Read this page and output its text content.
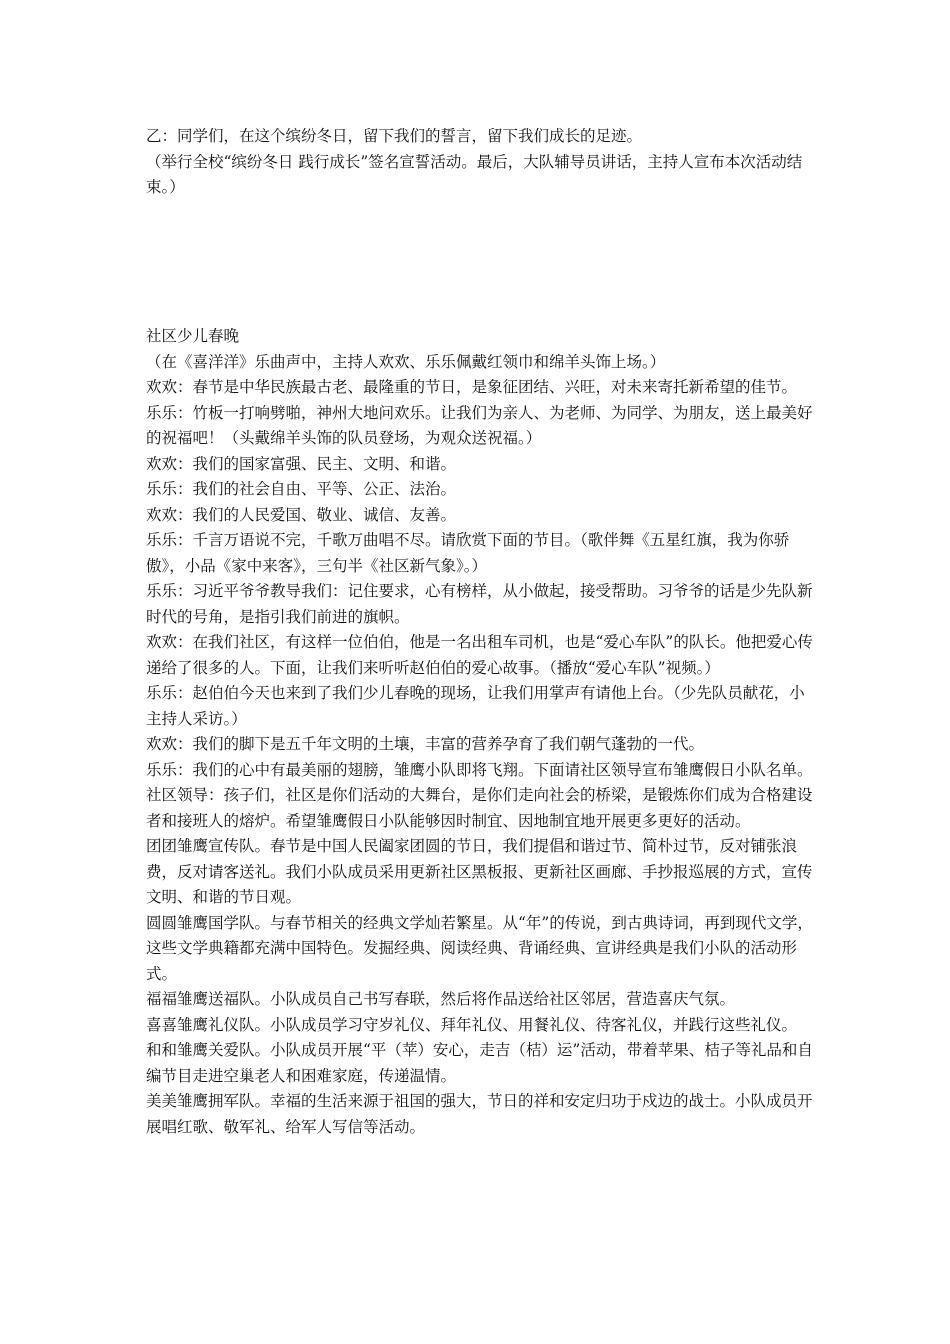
乙：同学们，在这个缤纷冬日，留下我们的誓言，留下我们成长的足迹。

（举行全校“缤纷冬日 践行成长”签名宣誓活动。最后，大队辅导员讲话，主持人宣布本次活动结束。）

社区少儿春晚

（在《喜洋洋》乐曲声中，主持人欢欢、乐乐佩戴红领巾和绵羊头饰上场。）

欢欢：春节是中华民族最古老、最隆重的节日，是象征团结、兴旺，对未来寄托新希望的佳节。

乐乐：竹板一打响劈啪，神州大地问欢乐。让我们为亲人、为老师、为同学、为朋友，送上最美好的祝福吧！（头戴绵羊头饰的队员登场，为观众送祝福。）

欢欢：我们的国家富强、民主、文明、和谐。

乐乐：我们的社会自由、平等、公正、法治。

欢欢：我们的人民爱国、敬业、诚信、友善。

乐乐：千言万语说不完，千歌万曲唱不尽。请欣赏下面的节目。（歌伴舞《五星红旗，我为你骄傲》，小品《家中来客》，三句半《社区新气象》。）

乐乐：习近平爷爷教导我们：记住要求，心有榜样，从小做起，接受帮助。习爷爷的话是少先队新时代的号角，是指引我们前进的旗帜。

欢欢：在我们社区，有这样一位伯伯，他是一名出租车司机，也是“爱心车队”的队长。他把爱心传递给了很多的人。下面，让我们来听听赵伯伯的爱心故事。（播放“爱心车队”视频。）

乐乐：赵伯伯今天也来到了我们少儿春晚的现场，让我们用掌声有请他上台。（少先队员献花，小主持人采访。）

欢欢：我们的脚下是五千年文明的土壤，丰富的营养孕育了我们朝气蓬勃的一代。

乐乐：我们的心中有最美丽的翅膀，雏鹰小队即将飞翔。下面请社区领导宣布雏鹰假日小队名单。

社区领导：孩子们，社区是你们活动的大舞台，是你们走向社会的桥梁，是锻炼你们成为合格建设者和接班人的熔炉。希望雏鹰假日小队能够因时制宜、因地制宜地开展更多更好的活动。

团团雏鹰宣传队。春节是中国人民阖家团圆的节日，我们提倡和谐过节、简朴过节，反对铺张浪费，反对请客送礼。我们小队成员采用更新社区黑板报、更新社区画廊、手抄报巡展的方式，宣传文明、和谐的节日观。

圆圆雏鹰国学队。与春节相关的经典文学灿若繁星。从“年”的传说，到古典诗词，再到现代文学，这些文学典籍都充满中国特色。发掘经典、阅读经典、背诵经典、宣讲经典是我们小队的活动形式。

福福雏鹰送福队。小队成员自己书写春联，然后将作品送给社区邻居，营造喜庆气氛。

喜喜雏鹰礼仪队。小队成员学习守岁礼仪、拜年礼仪、用餐礼仪、待客礼仪，并践行这些礼仪。

和和雏鹰关爱队。小队成员开展“平（苹）安心，走吉（桔）运”活动，带着苹果、桔子等礼品和自编节目走进空巢老人和困难家庭，传递温情。

美美雏鹰拥军队。幸福的生活来源于祖国的强大，节日的祥和安定归功于戍边的战士。小队成员开展唱红歌、敬军礼、给军人写信等活动。
